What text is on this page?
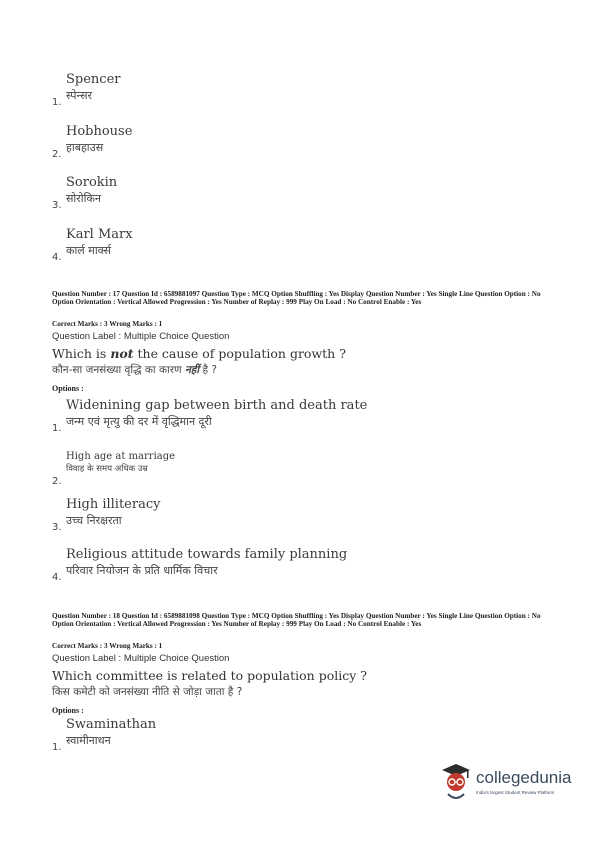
Spencer
स्पेन्सर
1.
Hobhouse
हाबहाउस
2.
Sorokin
सोरोकिन
3.
Karl Marx
कार्ल मार्क्स
4.
Question Number : 17 Question Id : 6589881097 Question Type : MCQ Option Shuffling : Yes Display Question Number : Yes Single Line Question Option : No Option Orientation : Vertical Allowed Progression : Yes Number of Replay : 999 Play On Load : No Control Enable : Yes
Correct Marks : 3 Wrong Marks : 1
Question Label : Multiple Choice Question
Which is not the cause of population growth ?
कौन-सा जनसंख्या वृद्धि का कारण नहीं है ?
Options :
Widenining gap between birth and death rate
जन्म एवं मृत्यु की दर में वृद्धिमान दूरी
1.
High age at marriage
विवाह के समय अधिक उम्र
2.
High illiteracy
उच्च निरक्षरता
3.
Religious attitude towards family planning
परिवार नियोजन के प्रति धार्मिक विचार
4.
Question Number : 18 Question Id : 6589881098 Question Type : MCQ Option Shuffling : Yes Display Question Number : Yes Single Line Question Option : No Option Orientation : Vertical Allowed Progression : Yes Number of Replay : 999 Play On Load : No Control Enable : Yes
Correct Marks : 3 Wrong Marks : 1
Question Label : Multiple Choice Question
Which committee is related to population policy ?
किस कमेटी को जनसंख्या नीति से जोड़ा जाता है ?
Options :
Swaminathan
स्वामीनाथन
1.
collegedunia
India's largest Student Review Platform
